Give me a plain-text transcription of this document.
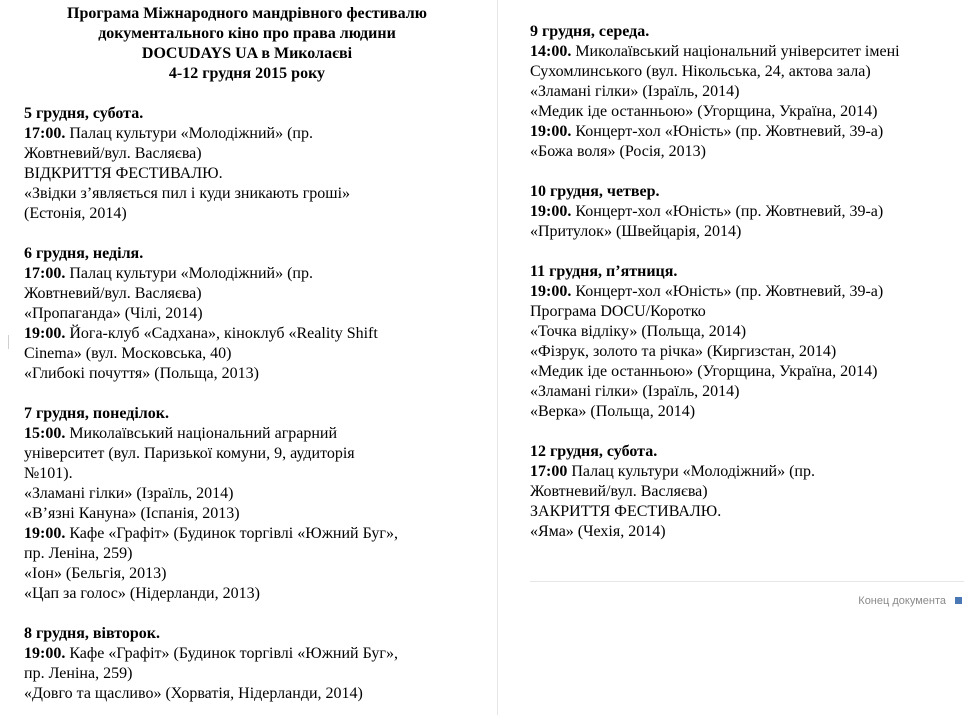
Програма Міжнародного мандрівного фестивалю
документального кіно про права людини
DOCUDAYS UA в Миколаєві
4-12 грудня 2015 року
5 грудня, субота.
17:00. Палац культури «Молодіжний» (пр.
Жовтневий/вул. Васляєва)
ВІДКРИТТЯ ФЕСТИВАЛЮ.
«Звідки з’являється пил і куди зникають гроші»
(Естонія, 2014)
6 грудня, неділя.
17:00. Палац культури «Молодіжний» (пр.
Жовтневий/вул. Васляєва)
«Пропаганда» (Чілі, 2014)
19:00. Йога-клуб «Садхана», кіноклуб «Reality Shift
Cinema» (вул. Московська, 40)
«Глибокі почуття» (Польща, 2013)
7 грудня, понеділок.
15:00. Миколаївський національний аграрний
університет (вул. Паризької комуни, 9, аудиторія
№101).
«Зламані гілки» (Ізраїль, 2014)
«В’язні Кануна» (Іспанія, 2013)
19:00. Кафе «Графіт» (Будинок торгівлі «Южний Буг»,
пр. Леніна, 259)
«Іон» (Бельгія, 2013)
«Цап за голос» (Нідерланди, 2013)
8 грудня, вівторок.
19:00. Кафе «Графіт» (Будинок торгівлі «Южний Буг»,
пр. Леніна, 259)
«Довго та щасливо» (Хорватія, Нідерланди, 2014)
9 грудня, середа.
14:00. Миколаївський національний університет імені
Сухомлинського (вул. Нікольська, 24, актова зала)
«Зламані гілки» (Ізраїль, 2014)
«Медик іде останньою» (Угорщина, Україна, 2014)
19:00. Концерт-хол «Юність» (пр. Жовтневий, 39-а)
«Божа воля» (Росія, 2013)
10 грудня, четвер.
19:00. Концерт-хол «Юність» (пр. Жовтневий, 39-а)
«Притулок» (Швейцарія, 2014)
11 грудня, п’ятниця.
19:00. Концерт-хол «Юність» (пр. Жовтневий, 39-а)
Програма DOCU/Коротко
«Точка відліку» (Польща, 2014)
«Фізрук, золото та річка» (Киргизстан, 2014)
«Медик іде останньою» (Угорщина, Україна, 2014)
«Зламані гілки» (Ізраїль, 2014)
«Верка» (Польща, 2014)
12 грудня, субота.
17:00 Палац культури «Молодіжний» (пр.
Жовтневий/вул. Васляєва)
ЗАКРИТТЯ ФЕСТИВАЛЮ.
«Яма» (Чехія, 2014)
Конец документа
